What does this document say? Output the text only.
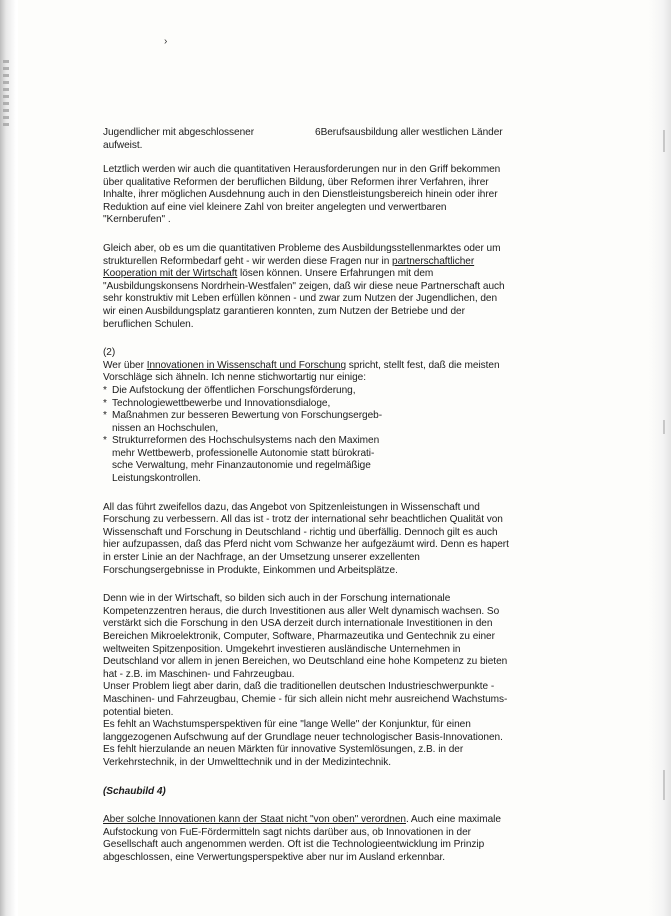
›
Jugendlicher mit abgeschlossener
aufweist.
6Berufsausbildung aller westlichen Länder

Letztlich werden wir auch die quantitativen Herausforderungen nur in den Griff bekommen
über qualitative Reformen der beruflichen Bildung, über Reformen ihrer Verfahren, ihrer
Inhalte, ihrer möglichen Ausdehnung auch in den Dienstleistungsbereich hinein oder ihrer
Reduktion auf eine viel kleinere Zahl von breiter angelegten und verwertbaren
"Kernberufen" .

Gleich aber, ob es um die quantitativen Probleme des Ausbildungsstellenmarktes oder um
strukturellen Reformbedarf geht - wir werden diese Fragen nur in partnerschaftlicher
Kooperation mit der Wirtschaft lösen können. Unsere Erfahrungen mit dem
"Ausbildungskonsens Nordrhein-Westfalen" zeigen, daß wir diese neue Partnerschaft auch
sehr konstruktiv mit Leben erfüllen können - und zwar zum Nutzen der Jugendlichen, den
wir einen Ausbildungsplatz garantieren konnten, zum Nutzen der Betriebe und der
beruflichen Schulen.

(2)

Wer über Innovationen in Wissenschaft und Forschung spricht, stellt fest, daß die meisten
Vorschläge sich ähneln. Ich nenne stichwortartig nur einige:

* Die Aufstockung der öffentlichen Forschungsförderung,
* Technologiewettbewerbe und Innovationsdialoge,
* Maßnahmen zur besseren Bewertung von Forschungsergeb-
nissen an Hochschulen,
* Strukturreformen des Hochschulsystems nach den Maximen
mehr Wettbewerb, professionelle Autonomie statt bürokrati-
sche Verwaltung, mehr Finanzautonomie und regelmäßige
Leistungskontrollen.

All das führt zweifellos dazu, das Angebot von Spitzenleistungen in Wissenschaft und
Forschung zu verbessern. All das ist - trotz der international sehr beachtlichen Qualität von
Wissenschaft und Forschung in Deutschland - richtig und überfällig. Dennoch gilt es auch
hier aufzupassen, daß das Pferd nicht vom Schwanze her aufgezäumt wird. Denn es hapert
in erster Linie an der Nachfrage, an der Umsetzung unserer exzellenten
Forschungsergebnisse in Produkte, Einkommen und Arbeitsplätze.

Denn wie in der Wirtschaft, so bilden sich auch in der Forschung internationale
Kompetenzzentren heraus, die durch Investitionen aus aller Welt dynamisch wachsen. So
verstärkt sich die Forschung in den USA derzeit durch internationale Investitionen in den
Bereichen Mikroelektronik, Computer, Software, Pharmazeutika und Gentechnik zu einer
weltweiten Spitzenposition. Umgekehrt investieren ausländische Unternehmen in
Deutschland vor allem in jenen Bereichen, wo Deutschland eine hohe Kompetenz zu bieten
hat - z.B. im Maschinen- und Fahrzeugbau.
Unser Problem liegt aber darin, daß die traditionellen deutschen Industrieschwerpunkte -
Maschinen- und Fahrzeugbau, Chemie - für sich allein nicht mehr ausreichend Wachstums-
potential bieten.
Es fehlt an Wachstumsperspektiven für eine "lange Welle" der Konjunktur, für einen
langgezogenen Aufschwung auf der Grundlage neuer technologischer Basis-Innovationen.
Es fehlt hierzulande an neuen Märkten für innovative Systemlösungen, z.B. in der
Verkehrstechnik, in der Umwelttechnik und in der Medizintechnik.

(Schaubild 4)

Aber solche Innovationen kann der Staat nicht "von oben" verordnen. Auch eine maximale
Aufstockung von FuE-Fördermitteln sagt nichts darüber aus, ob Innovationen in der
Gesellschaft auch angenommen werden. Oft ist die Technologieentwicklung im Prinzip
abgeschlossen, eine Verwertungsperspektive aber nur im Ausland erkennbar.
